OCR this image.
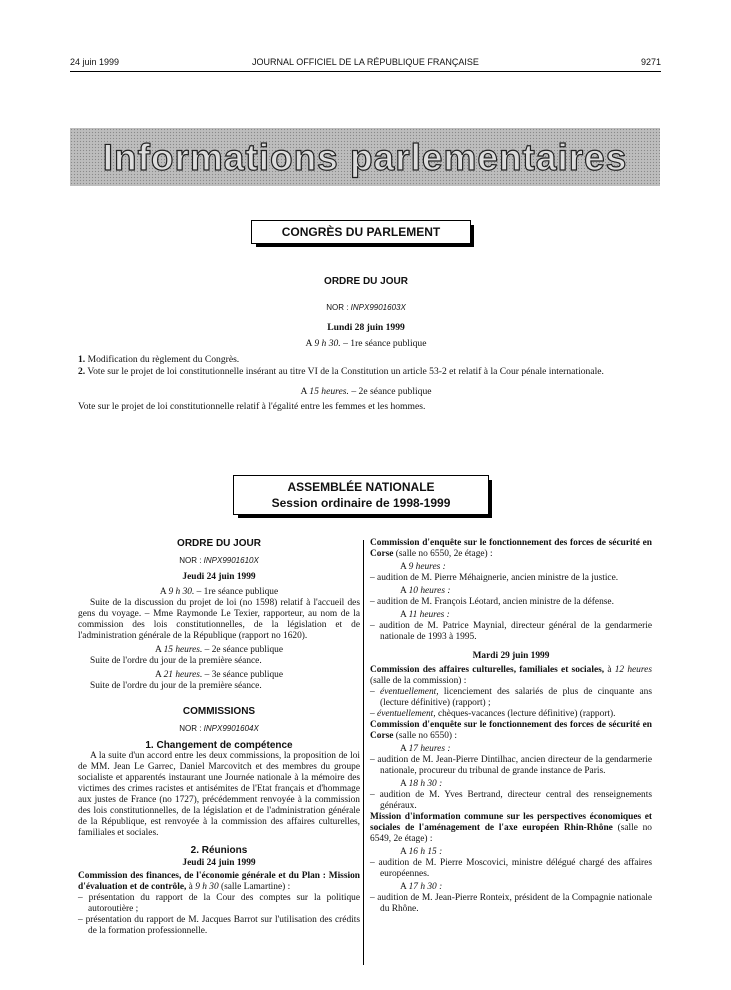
24 juin 1999	JOURNAL OFFICIEL DE LA RÉPUBLIQUE FRANÇAISE	9271
Informations parlementaires
CONGRÈS DU PARLEMENT
ORDRE DU JOUR
NOR : INPX9901603X
Lundi 28 juin 1999
A 9 h 30. – 1re séance publique
1. Modification du règlement du Congrès.
2. Vote sur le projet de loi constitutionnelle insérant au titre VI de la Constitution un article 53-2 et relatif à la Cour pénale internationale.
A 15 heures. – 2e séance publique

Vote sur le projet de loi constitutionnelle relatif à l'égalité entre les femmes et les hommes.

ASSEMBLÉE NATIONALE
Session ordinaire de 1998-1999
ORDRE DU JOUR
NOR : INPX9901610X
Jeudi 24 juin 1999
A 9 h 30. – 1re séance publique

Suite de la discussion du projet de loi (no 1598) relatif à l'accueil des gens du voyage. – Mme Raymonde Le Texier, rapporteur, au nom de la commission des lois constitutionnelles, de la législation et de l'administration générale de la République (rapport no 1620).

A 15 heures. – 2e séance publique

Suite de l'ordre du jour de la première séance.

A 21 heures. – 3e séance publique

Suite de l'ordre du jour de la première séance.

COMMISSIONS
NOR : INPX9901604X
1. Changement de compétence

A la suite d'un accord entre les deux commissions, la proposition de loi de MM. Jean Le Garrec, Daniel Marcovitch et des membres du groupe socialiste et apparentés instaurant une Journée nationale à la mémoire des victimes des crimes racistes et antisémites de l'Etat français et d'hommage aux justes de France (no 1727), précédemment renvoyée à la commission des lois constitutionnelles, de la législation et de l'administration générale de la République, est renvoyée à la commission des affaires culturelles, familiales et sociales.

2. Réunions
Jeudi 24 juin 1999

Commission des finances, de l'économie générale et du Plan : Mission d'évaluation et de contrôle, à 9 h 30 (salle Lamartine) :

– présentation du rapport de la Cour des comptes sur la politique autoroutière ;

– présentation du rapport de M. Jacques Barrot sur l'utilisation des crédits de la formation professionnelle.

Commission d'enquête sur le fonctionnement des forces de sécurité en Corse (salle no 6550, 2e étage) :

A 9 heures :

– audition de M. Pierre Méhaignerie, ancien ministre de la justice.

A 10 heures :

– audition de M. François Léotard, ancien ministre de la défense.

A 11 heures :

– audition de M. Patrice Maynial, directeur général de la gendarmerie nationale de 1993 à 1995.

Mardi 29 juin 1999

Commission des affaires culturelles, familiales et sociales, à 12 heures (salle de la commission) :

– éventuellement, licenciement des salariés de plus de cinquante ans (lecture définitive) (rapport) ;

– éventuellement, chèques-vacances (lecture définitive) (rapport).

Commission d'enquête sur le fonctionnement des forces de sécurité en Corse (salle no 6550) :

A 17 heures :

– audition de M. Jean-Pierre Dintilhac, ancien directeur de la gendarmerie nationale, procureur du tribunal de grande instance de Paris.

A 18 h 30 :

– audition de M. Yves Bertrand, directeur central des renseignements généraux.

Mission d'information commune sur les perspectives économiques et sociales de l'aménagement de l'axe européen Rhin-Rhône (salle no 6549, 2e étage) :

A 16 h 15 :

– audition de M. Pierre Moscovici, ministre délégué chargé des affaires européennes.

A 17 h 30 :

– audition de M. Jean-Pierre Ronteix, président de la Compagnie nationale du Rhône.
